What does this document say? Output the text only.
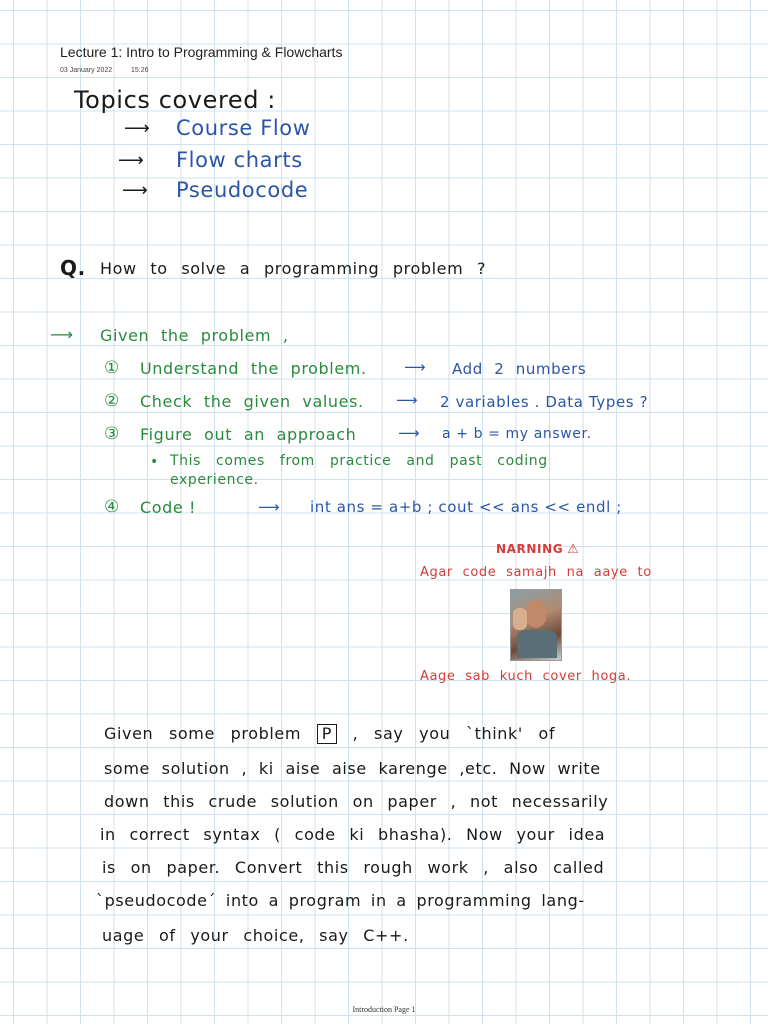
Lecture 1: Intro to Programming & Flowcharts
03 January 2022	15:26
Topics covered :
⟶ Course Flow
⟶ Flow charts
⟶ Pseudocode
Q. How to solve a programming problem ?
⟶ Given the problem ,
① Understand the problem. ⟶ Add 2 numbers
② Check the given values. ⟶ 2 variables . Data Types ?
③ Figure out an approach	⟶ a + b = my answer.
• This comes from practice and past coding
experience.
④ Code !	⟶ int ans = a+b ; cout << ans << endl ;
NARNING ⚠
Agar code samajh na aaye to
Aage sab kuch cover hoga.
Given some problem P , say you `think' of
some solution , ki aise aise karenge ,etc. Now write
down this crude solution on paper , not necessarily
in correct syntax ( code ki bhasha). Now your idea
is on paper. Convert this rough work , also called
`pseudocode´ into a program in a programming lang-
uage of your choice, say C++.
Introduction Page 1
